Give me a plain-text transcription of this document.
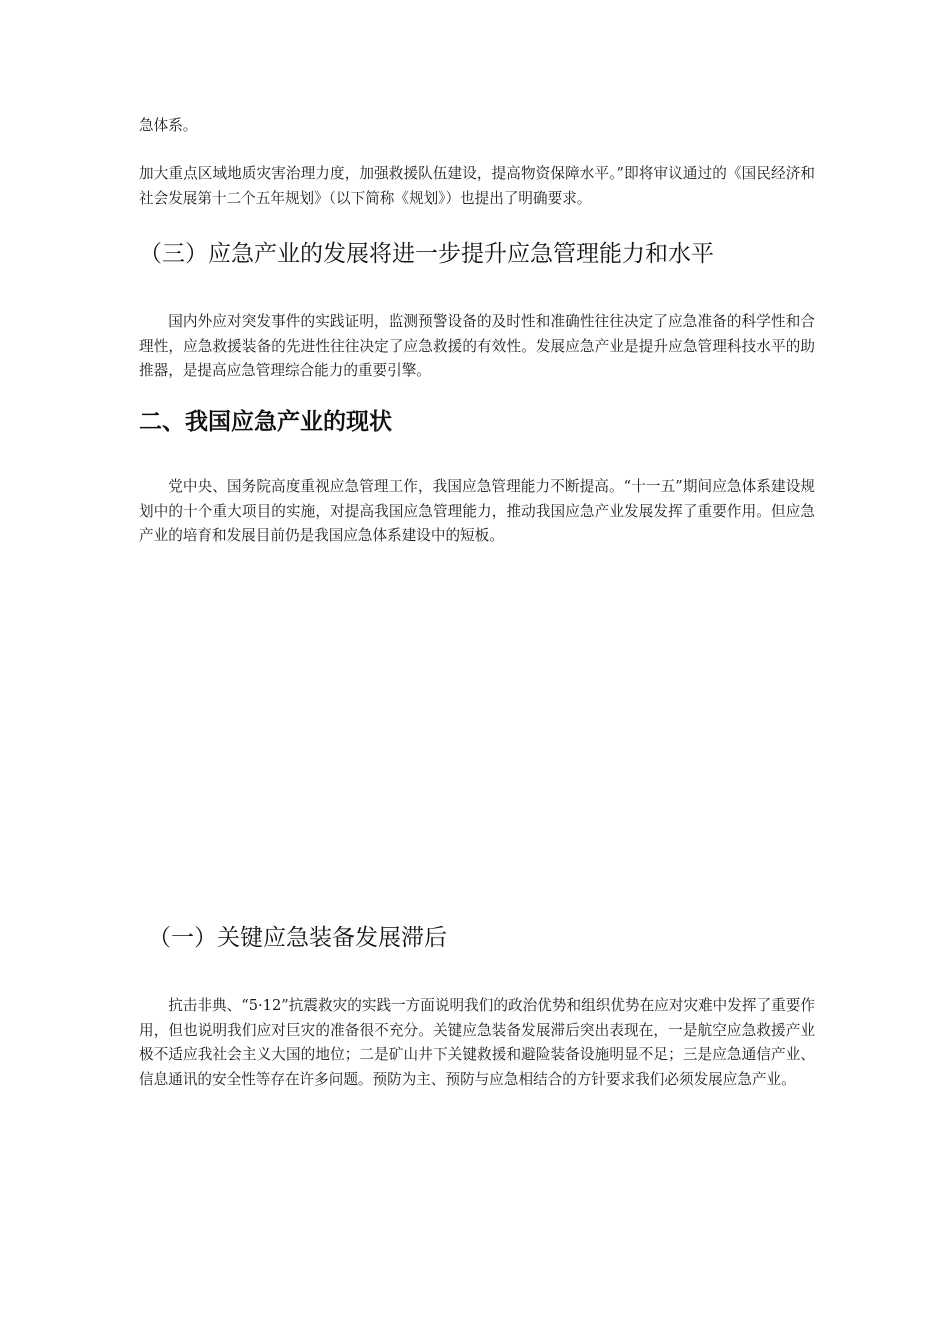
急体系。

加大重点区域地质灾害治理力度，加强救援队伍建设，提高物资保障水平。”即将审议通过的《国民经济和社会发展第十二个五年规划》（以下简称《规划》）也提出了明确要求。

（三）应急产业的发展将进一步提升应急管理能力和水平

国内外应对突发事件的实践证明，监测预警设备的及时性和准确性往往决定了应急准备的科学性和合理性，应急救援装备的先进性往往决定了应急救援的有效性。发展应急产业是提升应急管理科技水平的助推器，是提高应急管理综合能力的重要引擎。

二、我国应急产业的现状

党中央、国务院高度重视应急管理工作，我国应急管理能力不断提高。“十一五”期间应急体系建设规划中的十个重大项目的实施，对提高我国应急管理能力，推动我国应急产业发展发挥了重要作用。但应急产业的培育和发展目前仍是我国应急体系建设中的短板。

（一）关键应急装备发展滞后

抗击非典、“5·12”抗震救灾的实践一方面说明我们的政治优势和组织优势在应对灾难中发挥了重要作用，但也说明我们应对巨灾的准备很不充分。关键应急装备发展滞后突出表现在，一是航空应急救援产业极不适应我社会主义大国的地位；二是矿山井下关键救援和避险装备设施明显不足；三是应急通信产业、信息通讯的安全性等存在许多问题。预防为主、预防与应急相结合的方针要求我们必须发展应急产业。
